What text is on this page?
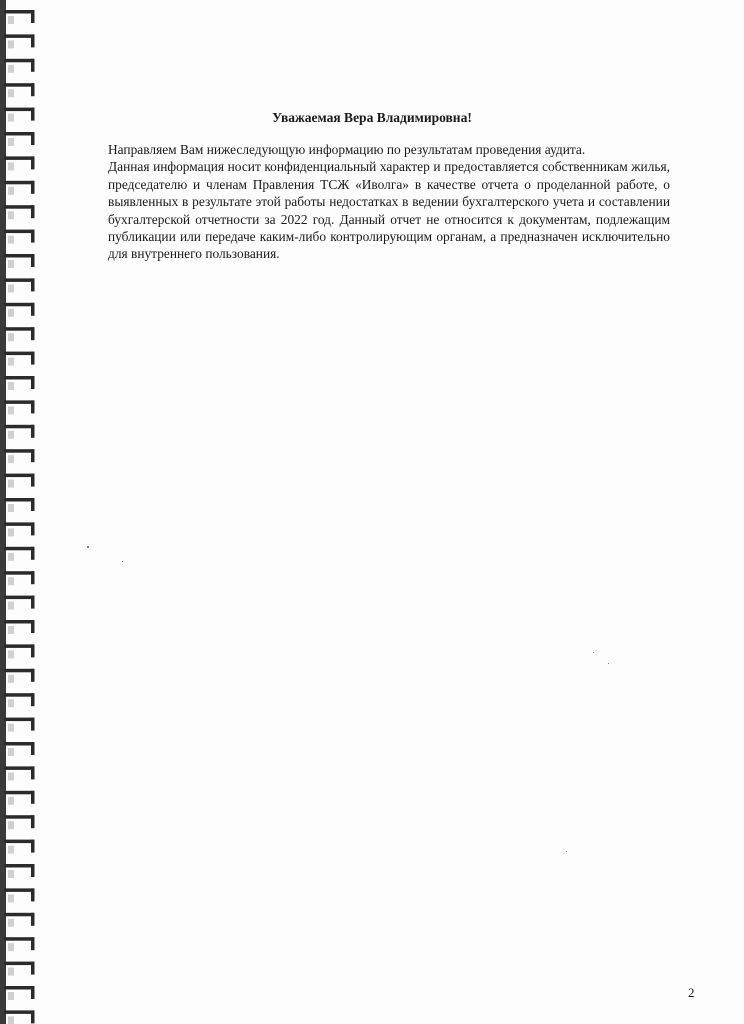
Уважаемая Вера Владимировна!
Направляем Вам нижеследующую информацию по результатам проведения аудита.
Данная информация носит конфиденциальный характер и предоставляется собственникам жилья, председателю и членам Правления ТСЖ «Иволга» в качестве отчета о проделанной работе, о выявленных в результате этой работы недостатках в ведении бухгалтерского учета и составлении бухгалтерской отчетности за 2022 год. Данный отчет не относится к документам, подлежащим публикации или передаче каким-либо контролирующим органам, а предназначен исключительно для внутреннего пользования.

2
